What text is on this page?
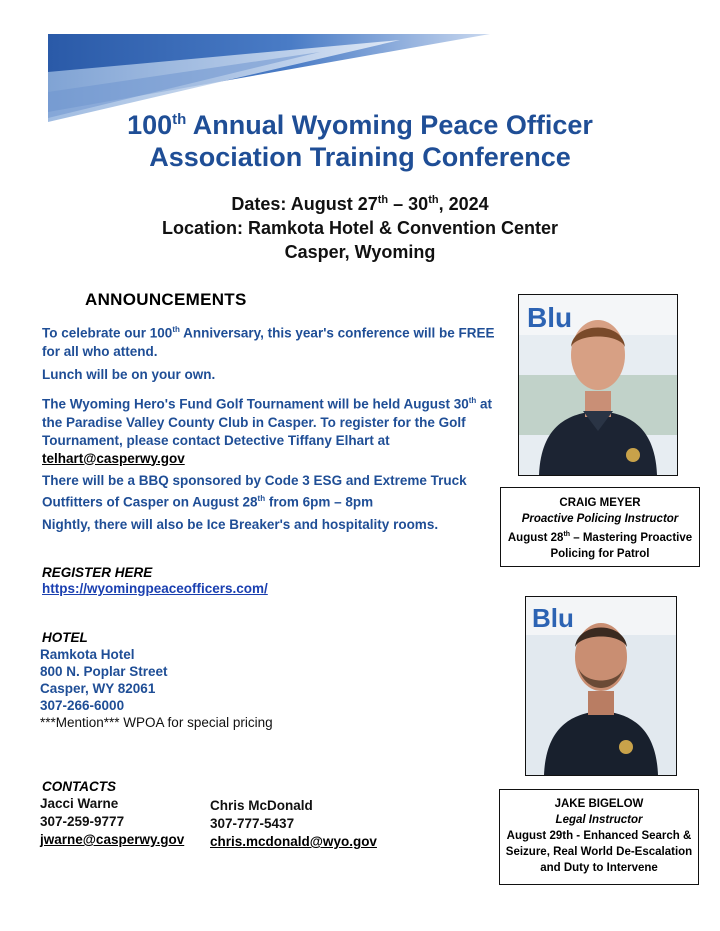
100th Annual Wyoming Peace Officer
Association Training Conference
Dates: August 27th – 30th, 2024
Location: Ramkota Hotel & Convention Center
Casper, Wyoming
ANNOUNCEMENTS
To celebrate our 100th Anniversary, this year's conference will be FREE for all who attend.
Lunch will be on your own.
The Wyoming Hero's Fund Golf Tournament will be held August 30th at the Paradise Valley County Club in Casper. To register for the Golf Tournament, please contact Detective Tiffany Elhart at
telhart@casperwy.gov
There will be a BBQ sponsored by Code 3 ESG and Extreme Truck Outfitters of Casper on August 28th from 6pm – 8pm
Nightly, there will also be Ice Breaker's and hospitality rooms.
REGISTER HERE
https://wyomingpeaceofficers.com/
HOTEL
Ramkota Hotel
800 N. Poplar Street
Casper, WY 82061
307-266-6000
***Mention*** WPOA for special pricing
CONTACTS
Jacci Warne
307-259-9777
jwarne@casperwy.gov
Chris McDonald
307-777-5437
chris.mcdonald@wyo.gov
Blu
CRAIG MEYER
Proactive Policing Instructor
August 28th – Mastering Proactive Policing for Patrol
Blu
JAKE BIGELOW
Legal Instructor
August 29th - Enhanced Search & Seizure, Real World De-Escalation and Duty to Intervene
